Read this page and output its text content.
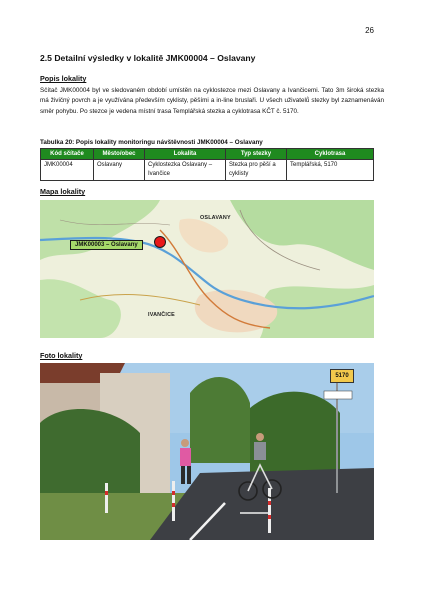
26
2.5 Detailní výsledky v lokalitě JMK00004 – Oslavany
Popis lokality

Sčítač JMK00004 byl ve sledovaném období umístěn na cyklostezce mezi Oslavany a Ivančicemi. Tato 3m široká stezka má živičný povrch a je využívána především cyklisty, pěšími a in-line bruslaři. U všech uživatelů stezky byl zaznamenáván směr pohybu. Po stezce je vedena místní trasa Templářská stezka a cyklotrasa KČT č. 5170.

Tabulka 20: Popis lokality monitoringu návštěvnosti JMK00004 – Oslavany

Kód sčítače	Město/obec	Lokalita	Typ stezky	Cyklotrasa
JMK00004	Oslavany	Cyklostezka Oslavany – Ivančice	Stezka pro pěší a cyklisty	Templářská, 5170
Mapa lokality
OSLAVANY
IVANČICE
JMK00003 – Oslavany
Foto lokality
5170
